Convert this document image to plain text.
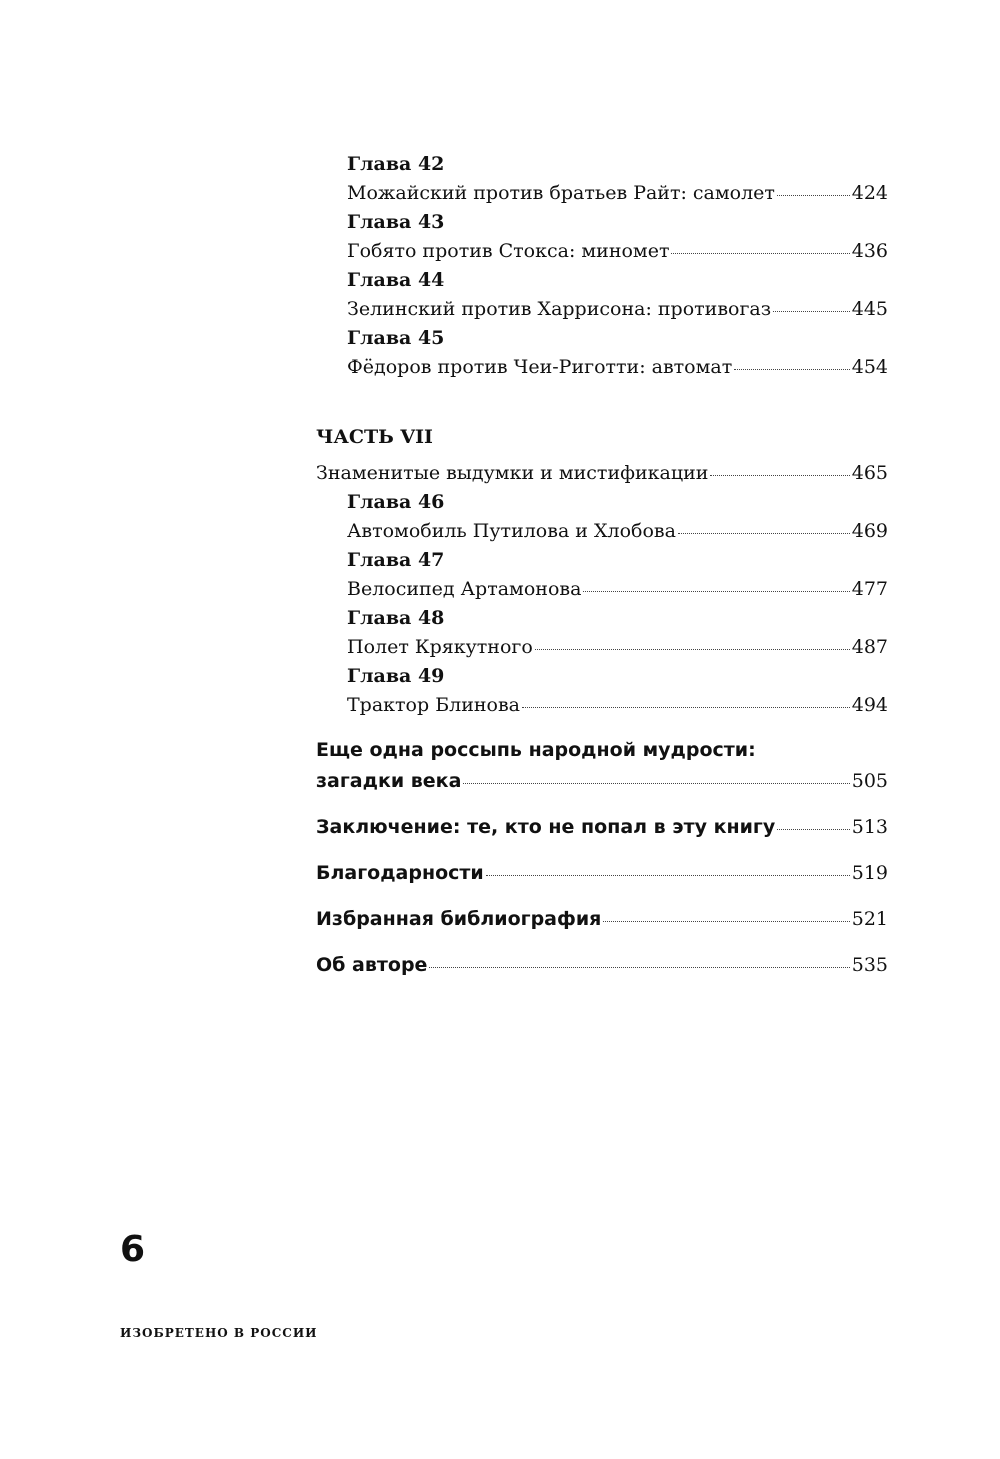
Глава 42
Можайский против братьев Райт: самолет	424
Глава 43
Гобято против Стокса: миномет	436
Глава 44
Зелинский против Харрисона: противогаз	445
Глава 45
Фёдоров против Чеи-Риготти: автомат	454
ЧАСТЬ VII
Знаменитые выдумки и мистификации	465
Глава 46
Автомобиль Путилова и Хлобова	469
Глава 47
Велосипед Артамонова	477
Глава 48
Полет Крякутного	487
Глава 49
Трактор Блинова	494
Еще одна россыпь народной мудрости:
загадки века	505
Заключение: те, кто не попал в эту книгу	513
Благодарности	519
Избранная библиография	521
Об авторе	535
6
ИЗОБРЕТЕНО В РОССИИ
